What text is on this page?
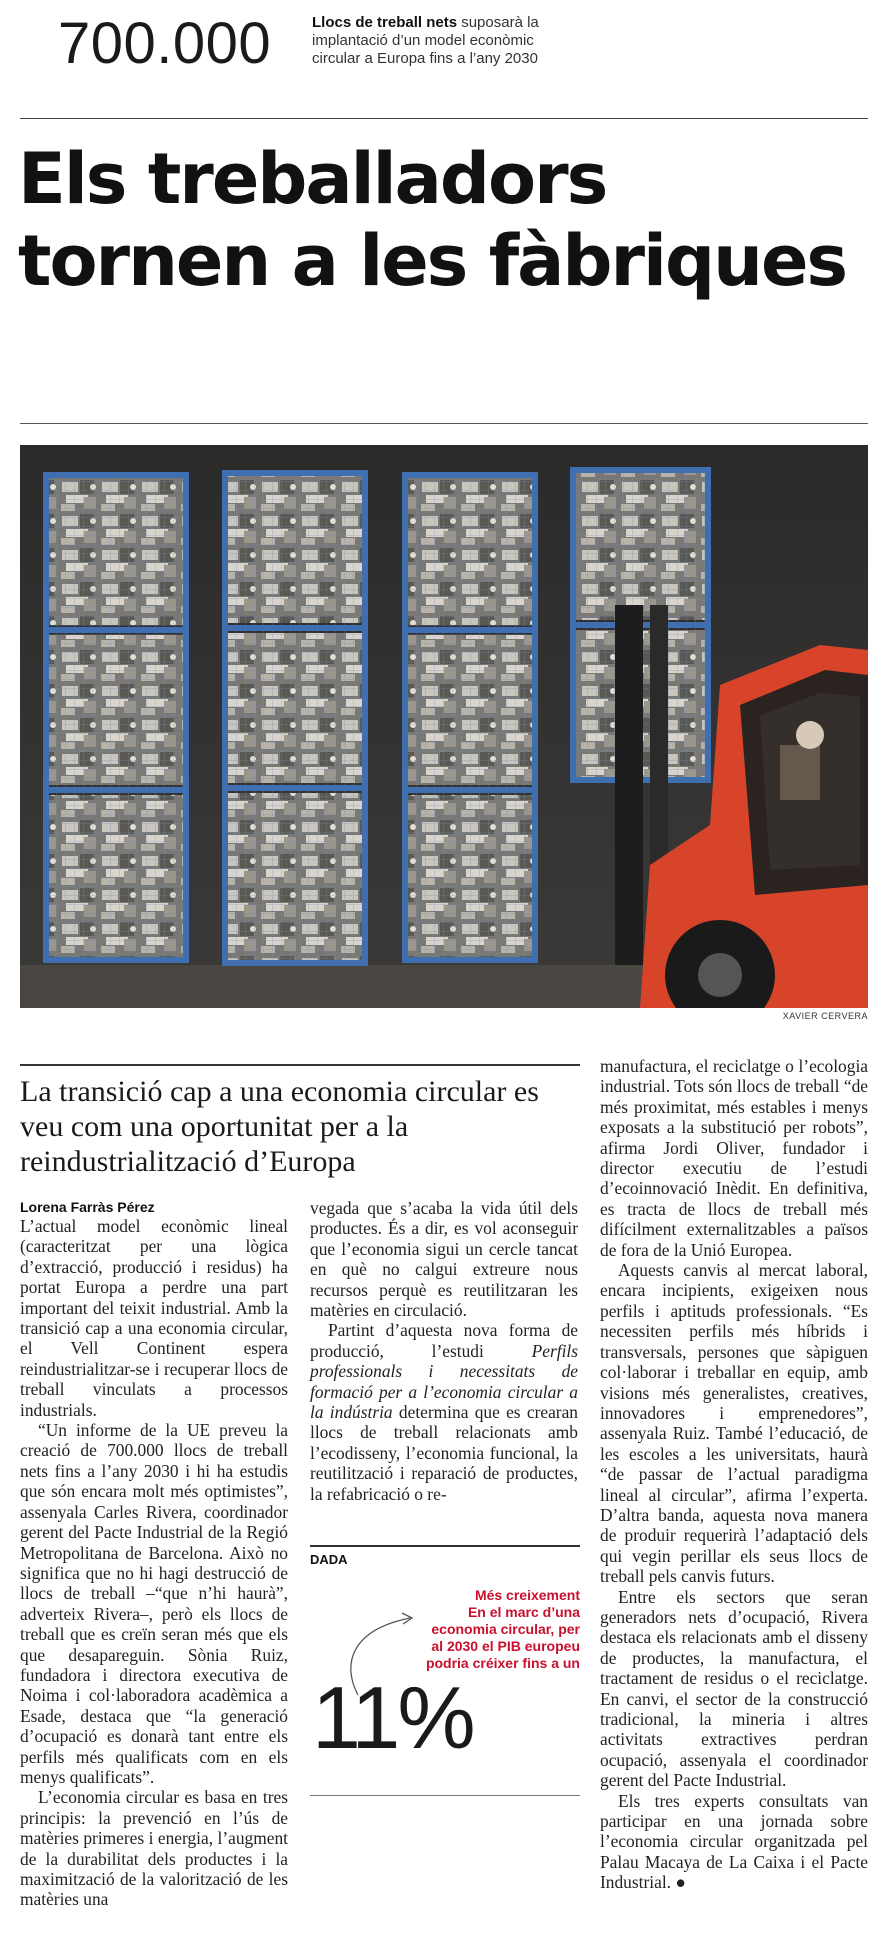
700.000	Llocs de treball nets suposarà la implantació d’un model econòmic circular a Europa fins a l’any 2030
Els treballadors tornen a les fàbriques
XAVIER CERVERA
La transició cap a una economia circular es veu com una oportunitat per a la reindustrialització d’Europa
Lorena Farràs Pérez

L’actual model econòmic lineal (caracteritzat per una lògica d’extracció, producció i residus) ha portat Europa a perdre una part important del teixit industrial. Amb la transició cap a una economia circular, el Vell Continent espera reindustrialitzar-se i recuperar llocs de treball vinculats a processos industrials.

“Un informe de la UE preveu la creació de 700.000 llocs de treball nets fins a l’any 2030 i hi ha estudis que són encara molt més optimistes”, assenyala Carles Rivera, coordinador gerent del Pacte Industrial de la Regió Metropolitana de Barcelona. Això no significa que no hi hagi destrucció de llocs de treball –“que n’hi haurà”, adverteix Rivera–, però els llocs de treball que es creïn seran més que els que desapareguin. Sònia Ruiz, fundadora i directora executiva de Noima i col·laboradora acadèmica a Esade, destaca que “la generació d’ocupació es donarà tant entre els perfils més qualificats com en els menys qualificats”.

L’economia circular es basa en tres principis: la prevenció en l’ús de matèries primeres i energia, l’augment de la durabilitat dels productes i la maximització de la valorització de les matèries una

vegada que s’acaba la vida útil dels productes. És a dir, es vol aconseguir que l’economia sigui un cercle tancat en què no calgui extreure nous recursos perquè es reutilitzaran les matèries en circulació.

Partint d’aquesta nova forma de producció, l’estudi Perfils professionals i necessitats de formació per a l’economia circular a la indústria determina que es crearan llocs de treball relacionats amb l’ecodisseny, l’economia funcional, la reutilització i reparació de productes, la refabricació o re-

DADA
Més creixement
En el marc d’una economia circular, per al 2030 el PIB europeu podria créixer fins a un
11%

manufactura, el reciclatge o l’ecologia industrial. Tots són llocs de treball “de més proximitat, més estables i menys exposats a la substitució per robots”, afirma Jordi Oliver, fundador i director executiu de l’estudi d’ecoinnovació Inèdit. En definitiva, es tracta de llocs de treball més difícilment externalitzables a països de fora de la Unió Europea.

Aquests canvis al mercat laboral, encara incipients, exigeixen nous perfils i aptituds professionals. “Es necessiten perfils més híbrids i transversals, persones que sàpiguen col·laborar i treballar en equip, amb visions més generalistes, creatives, innovadores i emprenedores”, assenyala Ruiz. També l’educació, de les escoles a les universitats, haurà “de passar de l’actual paradigma lineal al circular”, afirma l’experta. D’altra banda, aquesta nova manera de produir requerirà l’adaptació dels qui vegin perillar els seus llocs de treball pels canvis futurs.

Entre els sectors que seran generadors nets d’ocupació, Rivera destaca els relacionats amb el disseny de productes, la manufactura, el tractament de residus o el reciclatge. En canvi, el sector de la construcció tradicional, la mineria i altres activitats extractives perdran ocupació, assenyala el coordinador gerent del Pacte Industrial.

Els tres experts consultats van participar en una jornada sobre l’economia circular organitzada pel Palau Macaya de La Caixa i el Pacte Industrial. ●
